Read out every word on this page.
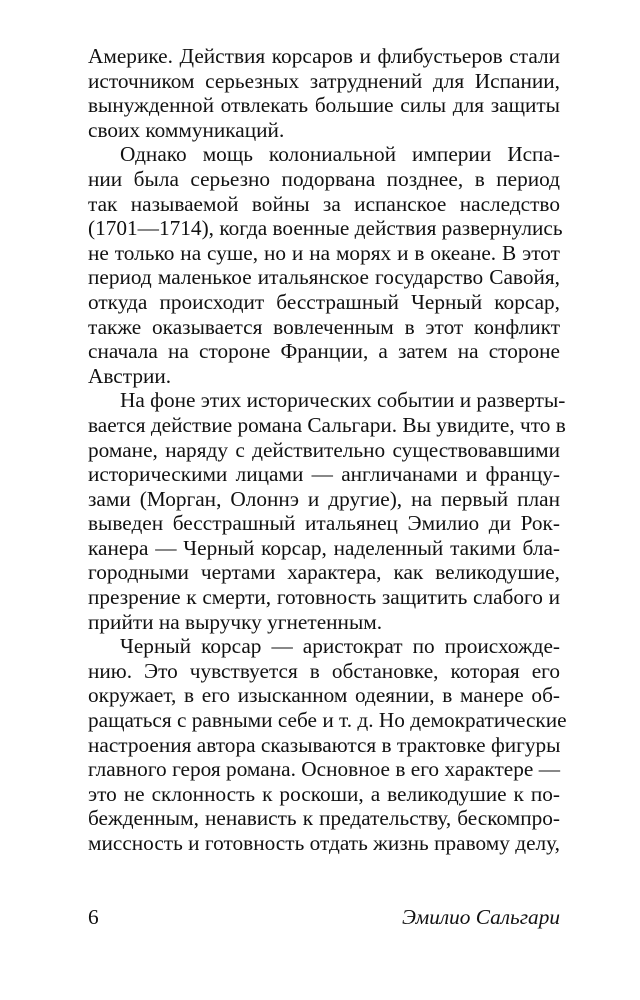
Америке. Действия корсаров и флибустьеров стали
источником серьезных затруднений для Испании,
вынужденной отвлекать большие силы для защиты
своих коммуникаций.
Однако мощь колониальной империи Испа-
нии была серьезно подорвана позднее, в период
так называемой войны за испанское наследство
(1701—1714), когда военные действия развернулись
не только на суше, но и на морях и в океане. В этот
период маленькое итальянское государство Савойя,
откуда происходит бесстрашный Черный корсар,
также оказывается вовлеченным в этот конфликт
сначала на стороне Франции, а затем на стороне
Австрии.
На фоне этих исторических событии и разверты-
вается действие романа Сальгари. Вы увидите, что в
романе, наряду с действительно существовавшими
историческими лицами — англичанами и францу-
зами (Морган, Олоннэ и другие), на первый план
выведен бесстрашный итальянец Эмилио ди Рок-
канера — Черный корсар, наделенный такими бла-
городными чертами характера, как великодушие,
презрение к смерти, готовность защитить слабого и
прийти на выручку угнетенным.
Черный корсар — аристократ по происхожде-
нию. Это чувствуется в обстановке, которая его
окружает, в его изысканном одеянии, в манере об-
ращаться с равными себе и т. д. Но демократические
настроения автора сказываются в трактовке фигуры
главного героя романа. Основное в его характере —
это не склонность к роскоши, а великодушие к по-
бежденным, ненависть к предательству, бескомпро-
миссность и готовность отдать жизнь правому делу,
6	Эмилио Сальгари
